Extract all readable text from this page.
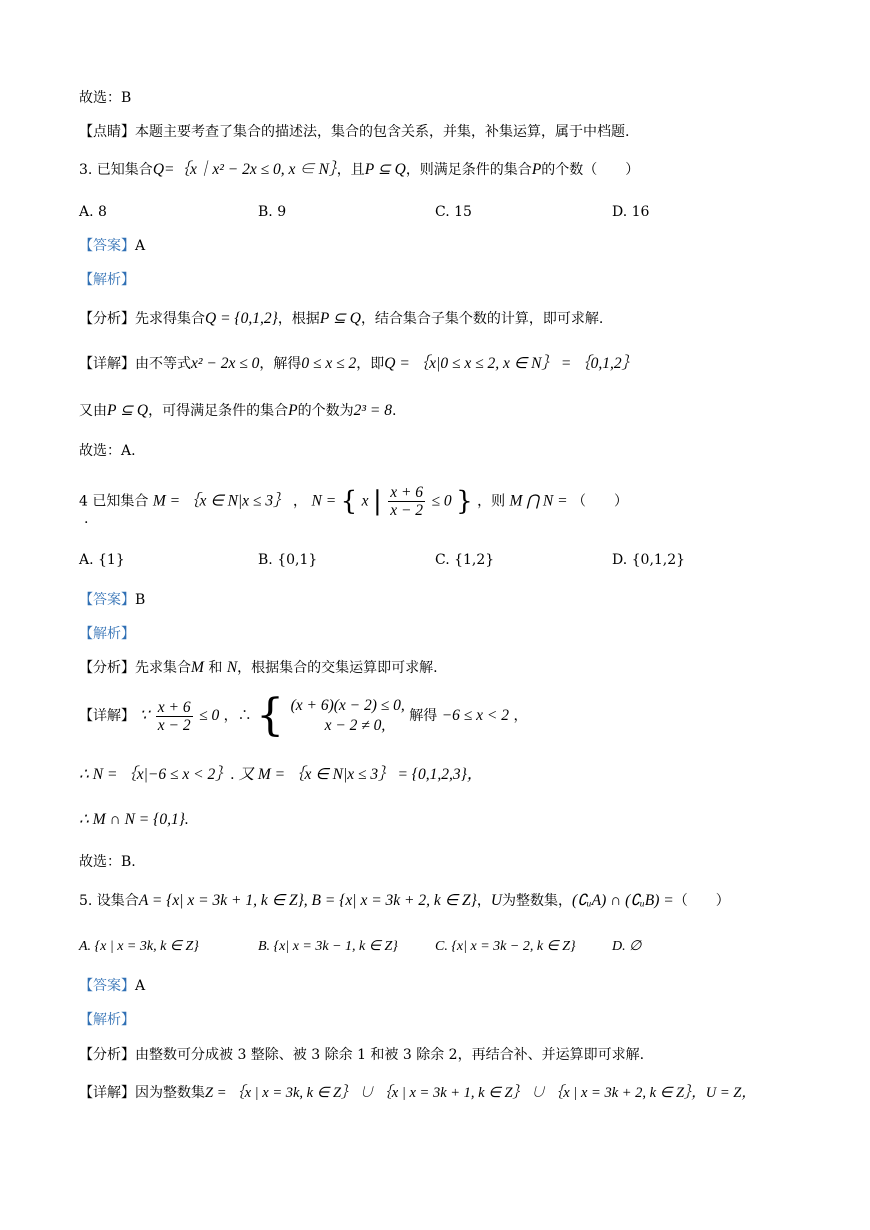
故选：B
【点睛】本题主要考查了集合的描述法，集合的包含关系，并集，补集运算，属于中档题.
3. 已知集合Q=｛x｜x² − 2x ≤ 0, x ∈ N｝，且P ⊆ Q，则满足条件的集合P的个数（　　）
A. 8	B. 9	C. 15	D. 16
【答案】A
【解析】
【分析】先求得集合Q = {0,1,2}，根据P ⊆ Q，结合集合子集个数的计算，即可求解.
【详解】由不等式x² − 2x ≤ 0，解得0 ≤ x ≤ 2，即Q = ｛x|0 ≤ x ≤ 2, x ∈ N｝ = ｛0,1,2｝
又由P ⊆ Q，可得满足条件的集合P的个数为2³ = 8.
故选：A.
4 已知集合 M = ｛x ∈ N|x ≤ 3｝ ， N = { x | $\frac{x + 6}{x - 2} \le 0$ } ，则 M ⋂ N = （　　）
.
A. {1}	B. {0,1}	C. {1,2}	D. {0,1,2}
【答案】B
【解析】
【分析】先求集合M 和 N，根据集合的交集运算即可求解.
【详解】 ∵ $\frac{x + 6}{x - 2} \le 0$ ，∴ { (x + 6)(x − 2) ≤ 0,
x − 2 ≠ 0,
解得 −6 ≤ x < 2 ，
∴ N = ｛x|−6 ≤ x < 2｝. 又 M = ｛x ∈ N|x ≤ 3｝ = {0,1,2,3}，
∴ M ∩ N = {0,1}.
故选：B.
5. 设集合A = {x| x = 3k + 1, k ∈ Z}, B = {x| x = 3k + 2, k ∈ Z}，U为整数集，(∁ᵤA) ∩ (∁ᵤB) =（　　）
A. {x | x = 3k, k ∈ Z}	B. {x| x = 3k − 1, k ∈ Z}	C. {x| x = 3k − 2, k ∈ Z}	D. ∅
【答案】A
【解析】
【分析】由整数可分成被 3 整除、被 3 除余 1 和被 3 除余 2，再结合补、并运算即可求解.
【详解】因为整数集Z = ｛x | x = 3k, k ∈ Z｝ ∪ ｛x | x = 3k + 1, k ∈ Z｝ ∪ ｛x | x = 3k + 2, k ∈ Z｝，U = Z，
